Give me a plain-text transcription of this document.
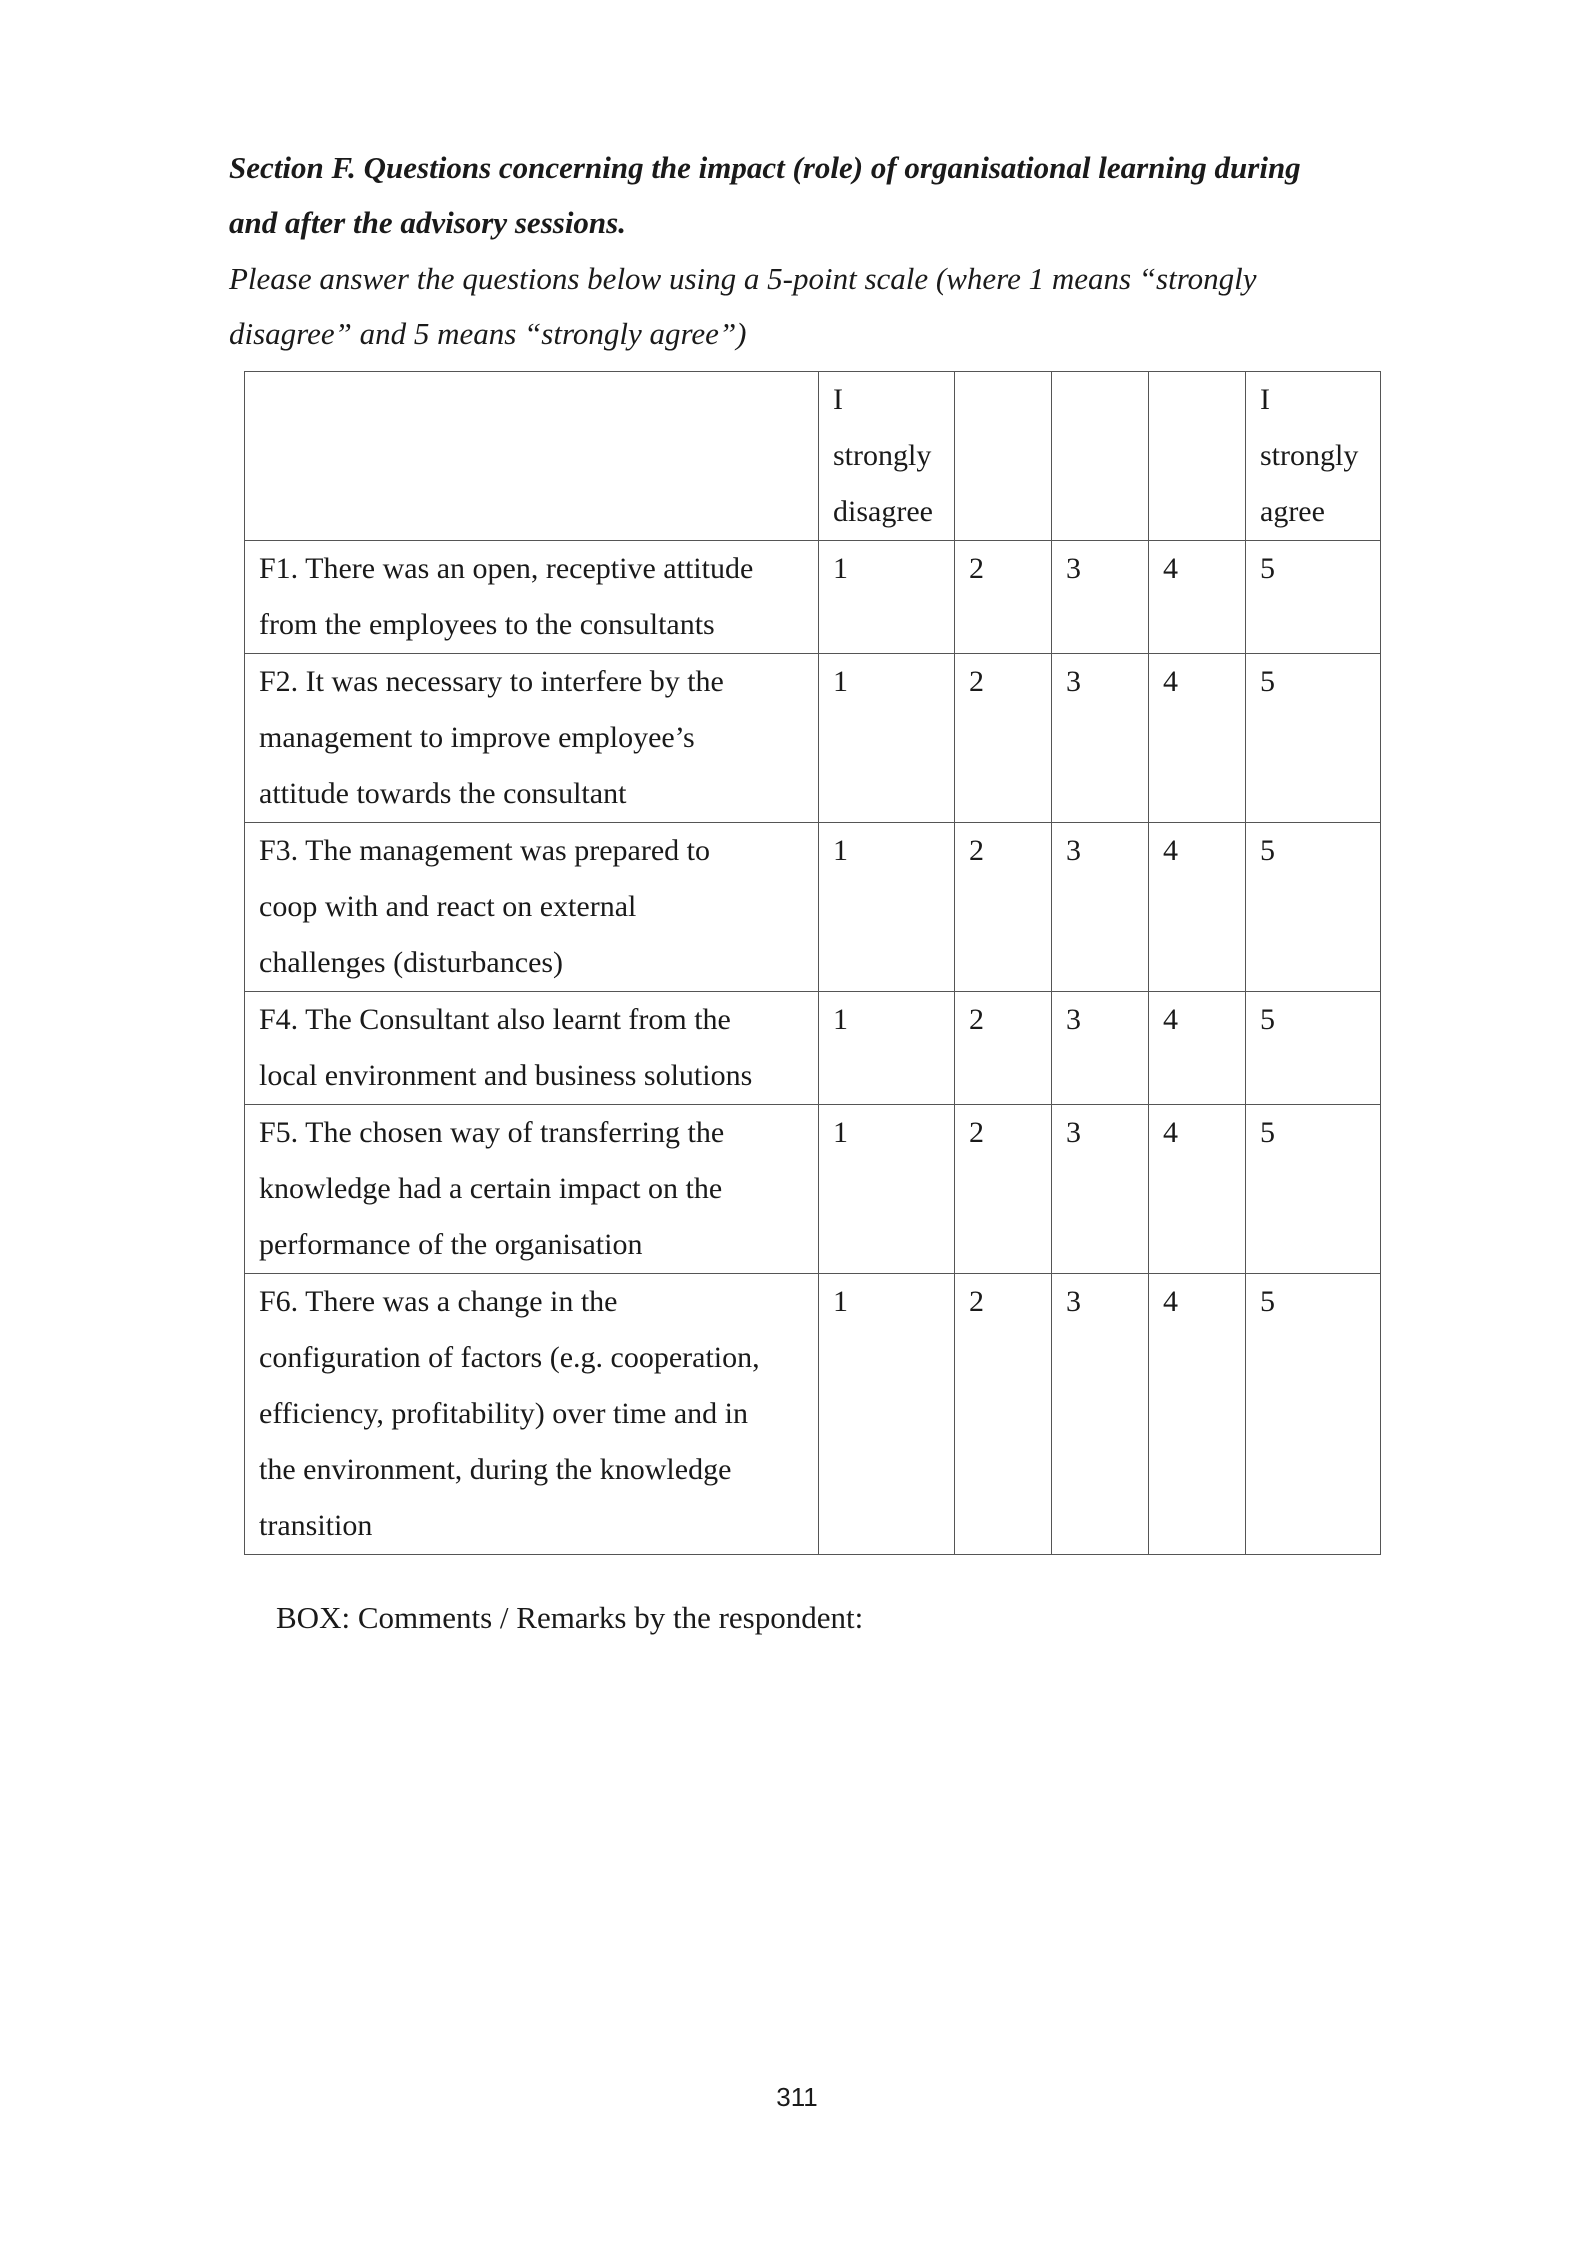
Section F. Questions concerning the impact (role) of organisational learning during
and after the advisory sessions.
Please answer the questions below using a 5-point scale (where 1 means “strongly
disagree” and 5 means “strongly agree”)

	I
strongly
disagree				I
strongly
agree

F1. There was an open, receptive attitude
from the employees to the consultants	1	2	3	4	5

F2. It was necessary to interfere by the
management to improve employee’s
attitude towards the consultant	1	2	3	4	5

F3. The management was prepared to
coop with and react on external
challenges (disturbances)	1	2	3	4	5

F4. The Consultant also learnt from the
local environment and business solutions	1	2	3	4	5

F5. The chosen way of transferring the
knowledge had a certain impact on the
performance of the organisation	1	2	3	4	5

F6. There was a change in the
configuration of factors (e.g. cooperation,
efficiency, profitability) over time and in
the environment, during the knowledge
transition	1	2	3	4	5
BOX: Comments / Remarks by the respondent:
311
